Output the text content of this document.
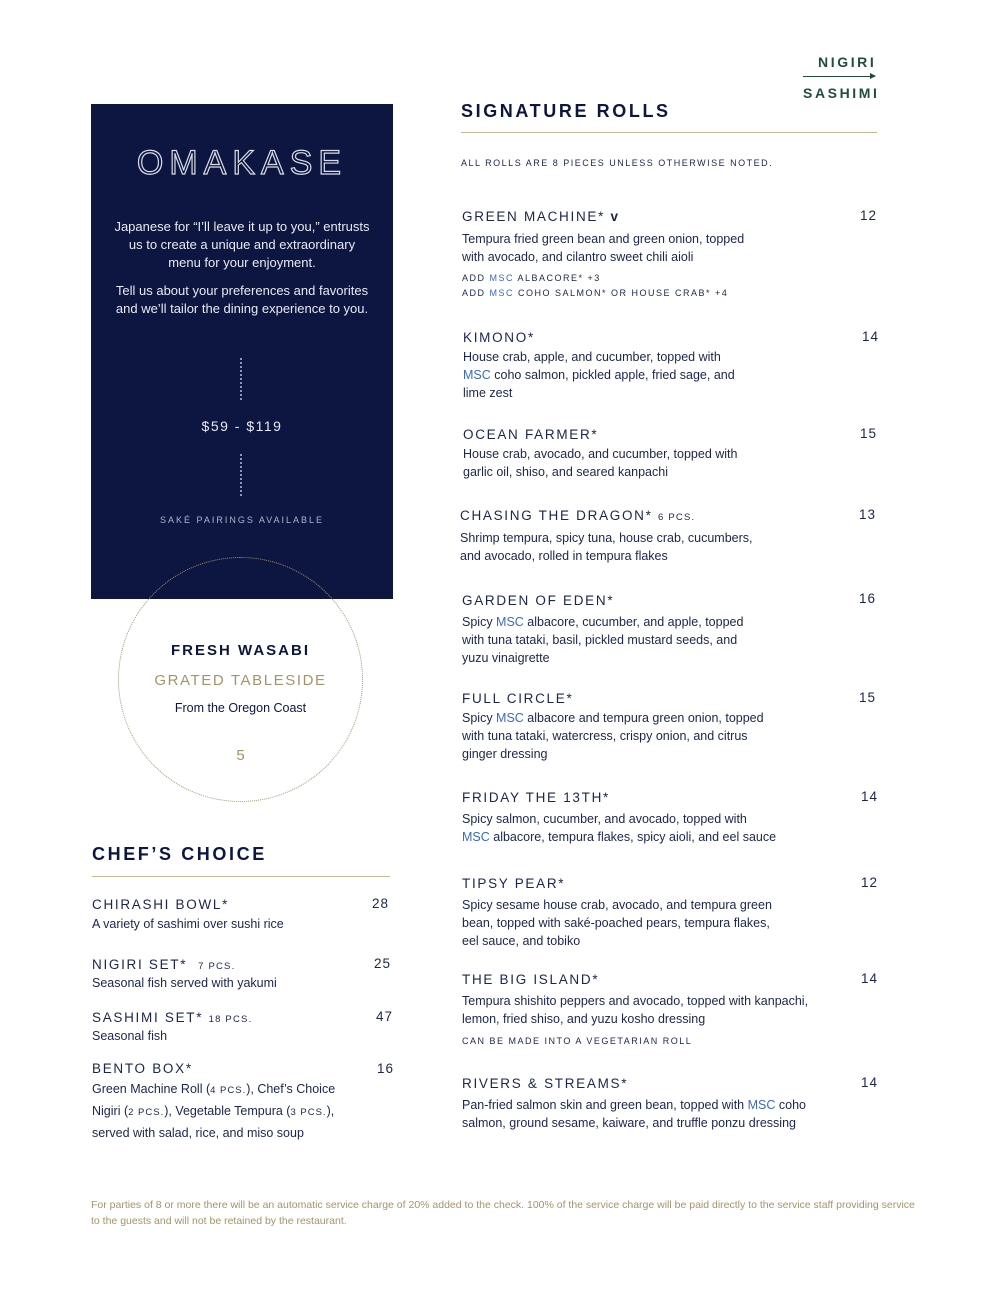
NIGIRI
SASHIMI
OMAKASE
Japanese for “I’ll leave it up to you,” entrusts us to create a unique and extraordinary menu for your enjoyment.
Tell us about your preferences and favorites and we’ll tailor the dining experience to you.
$59 - $119
SAKÉ PAIRINGS AVAILABLE
FRESH WASABI
GRATED TABLESIDE
From the Oregon Coast
5
CHEF’S CHOICE
CHIRASHI BOWL*	28
A variety of sashimi over sushi rice
NIGIRI SET* 7 PCS.	25
Seasonal fish served with yakumi
SASHIMI SET* 18 PCS.	47
Seasonal fish
BENTO BOX*	16
Green Machine Roll (4 PCS.), Chef’s Choice
Nigiri (2 PCS.), Vegetable Tempura (3 PCS.),
served with salad, rice, and miso soup
SIGNATURE ROLLS
ALL ROLLS ARE 8 PIECES UNLESS OTHERWISE NOTED.
GREEN MACHINE* v	12
Tempura fried green bean and green onion, topped
with avocado, and cilantro sweet chili aioli
ADD MSC ALBACORE* +3
ADD MSC COHO SALMON* OR HOUSE CRAB* +4
KIMONO*	14
House crab, apple, and cucumber, topped with
MSC coho salmon, pickled apple, fried sage, and
lime zest
OCEAN FARMER*	15
House crab, avocado, and cucumber, topped with
garlic oil, shiso, and seared kanpachi
CHASING THE DRAGON* 6 PCS.	13
Shrimp tempura, spicy tuna, house crab, cucumbers,
and avocado, rolled in tempura flakes
GARDEN OF EDEN*	16
Spicy MSC albacore, cucumber, and apple, topped
with tuna tataki, basil, pickled mustard seeds, and
yuzu vinaigrette
FULL CIRCLE*	15
Spicy MSC albacore and tempura green onion, topped
with tuna tataki, watercress, crispy onion, and citrus
ginger dressing
FRIDAY THE 13TH*	14
Spicy salmon, cucumber, and avocado, topped with
MSC albacore, tempura flakes, spicy aioli, and eel sauce
TIPSY PEAR*	12
Spicy sesame house crab, avocado, and tempura green
bean, topped with saké-poached pears, tempura flakes,
eel sauce, and tobiko
THE BIG ISLAND*	14
Tempura shishito peppers and avocado, topped with kanpachi,
lemon, fried shiso, and yuzu kosho dressing
CAN BE MADE INTO A VEGETARIAN ROLL
RIVERS & STREAMS*	14
Pan-fried salmon skin and green bean, topped with MSC coho
salmon, ground sesame, kaiware, and truffle ponzu dressing
For parties of 8 or more there will be an automatic service charge of 20% added to the check. 100% of the service charge will be paid directly to the service staff providing service to the guests and will not be retained by the restaurant.
